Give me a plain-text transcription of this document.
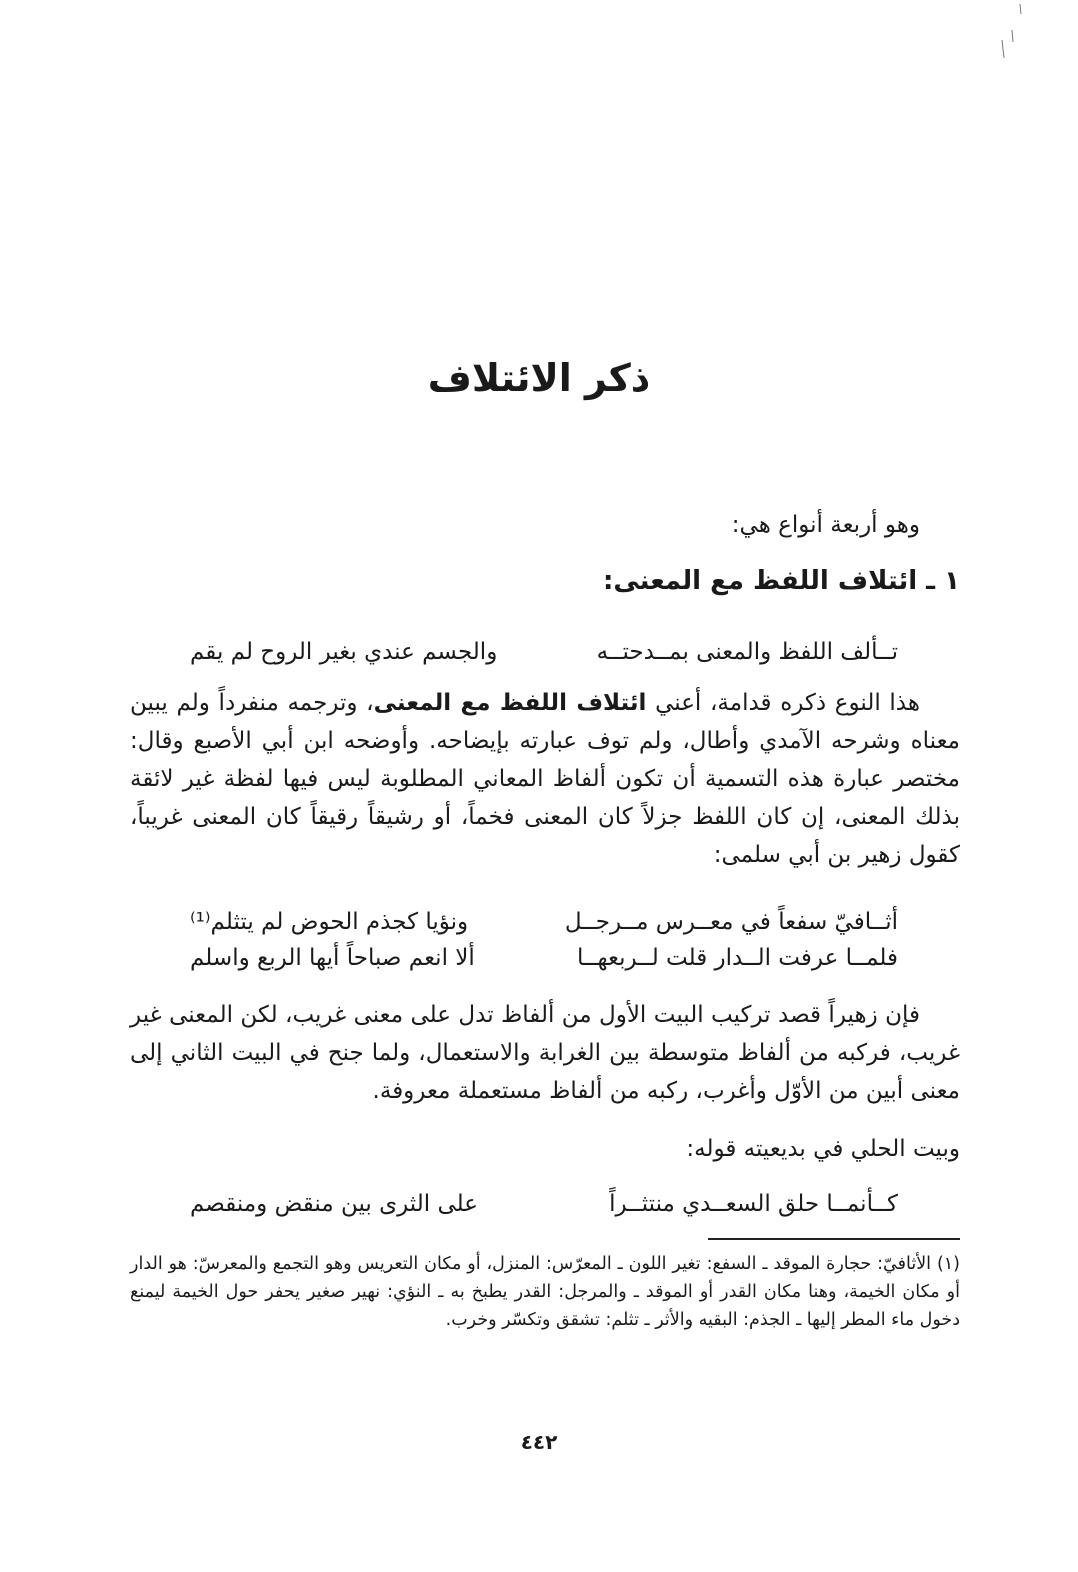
ذكر الائتلاف

وهو أربعة أنواع هي:

١ ـ ائتلاف اللفظ مع المعنى:
تــألف اللفظ والمعنى بمــدحتــه
والجسم عندي بغير الروح لم يقم

هذا النوع ذكره قدامة، أعني ائتلاف اللفظ مع المعنى، وترجمه منفرداً ولم يبين معناه وشرحه الآمدي وأطال، ولم توف عبارته بإيضاحه. وأوضحه ابن أبي الأصبع وقال: مختصر عبارة هذه التسمية أن تكون ألفاظ المعاني المطلوبة ليس فيها لفظة غير لائقة بذلك المعنى، إن كان اللفظ جزلاً كان المعنى فخماً، أو رشيقاً رقيقاً كان المعنى غريباً، كقول زهير بن أبي سلمى:

أثــافيّ سفعاً في معــرس مــرجــل
ونؤيا كجذم الحوض لم يتثلم⁽¹⁾
فلمــا عرفت الــدار قلت لــربعهــا
ألا انعم صباحاً أيها الربع واسلم

فإن زهيراً قصد تركيب البيت الأول من ألفاظ تدل على معنى غريب، لكن المعنى غير غريب، فركبه من ألفاظ متوسطة بين الغرابة والاستعمال، ولما جنح في البيت الثاني إلى معنى أبين من الأوّل وأغرب، ركبه من ألفاظ مستعملة معروفة.

وبيت الحلي في بديعيته قوله:

كــأنمــا حلق السعــدي منتثــراً
على الثرى بين منقض ومنقصم

(١) الأثافيّ: حجارة الموقد ـ السفع: تغير اللون ـ المعرّس: المنزل، أو مكان التعريس وهو التجمع والمعرسّ: هو الدار أو مكان الخيمة، وهنا مكان القدر أو الموقد ـ والمرجل: القدر يطبخ به ـ النؤي: نهير صغير يحفر حول الخيمة ليمنع دخول ماء المطر إليها ـ الجذم: البقيه والأثر ـ تثلم: تشقق وتكسّر وخرب.

٤٤٢
